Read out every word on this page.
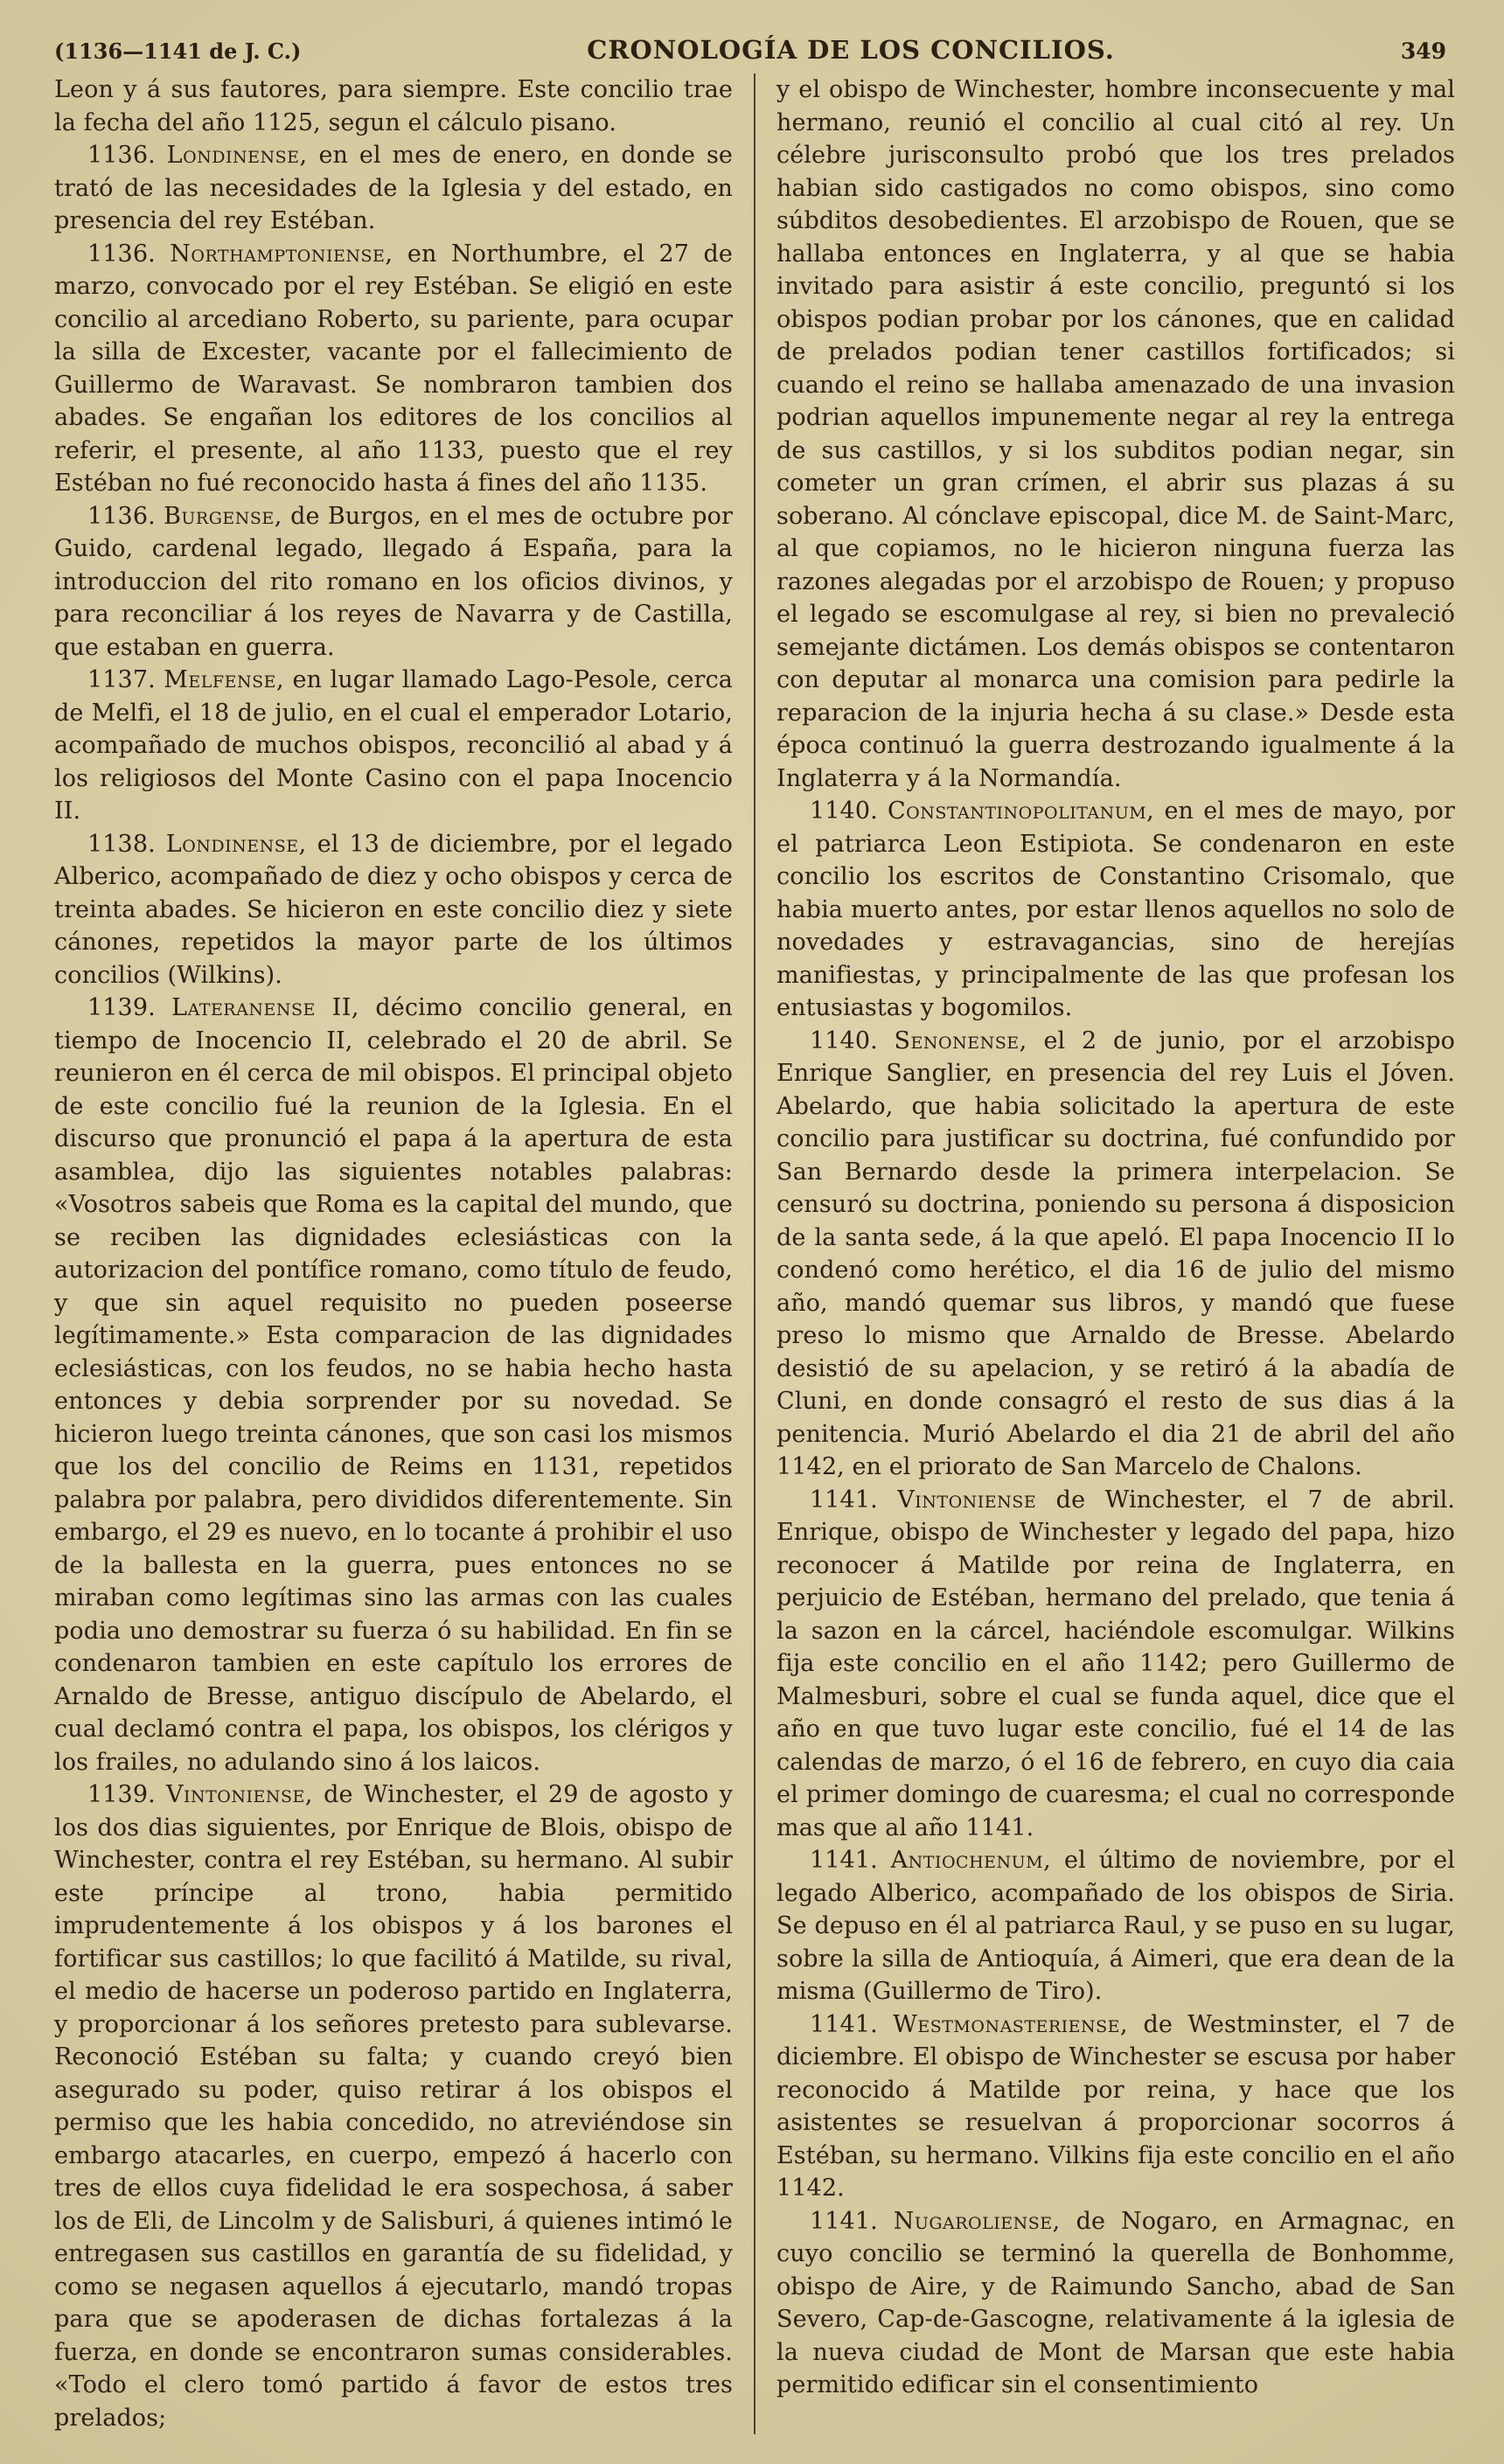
(1136—1141 de J. C.)	CRONOLOGÍA DE LOS CONCILIOS.	349

Leon y á sus fautores, para siempre. Este concilio trae la fecha del año 1125, segun el cálculo pisano.

1136. Londinense, en el mes de enero, en donde se trató de las necesidades de la Iglesia y del estado, en presencia del rey Estéban.

1136. Northamptoniense, en Northumbre, el 27 de marzo, convocado por el rey Estéban. Se eligió en este concilio al arcediano Roberto, su pariente, para ocupar la silla de Excester, vacante por el fallecimiento de Guillermo de Waravast. Se nombraron tambien dos abades. Se engañan los editores de los concilios al referir, el presente, al año 1133, puesto que el rey Estéban no fué reconocido hasta á fines del año 1135.

1136. Burgense, de Burgos, en el mes de octubre por Guido, cardenal legado, llegado á España, para la introduccion del rito romano en los oficios divinos, y para reconciliar á los reyes de Navarra y de Castilla, que estaban en guerra.

1137. Melfense, en lugar llamado Lago-Pesole, cerca de Melfi, el 18 de julio, en el cual el emperador Lotario, acompañado de muchos obispos, reconcilió al abad y á los religiosos del Monte Casino con el papa Inocencio II.

1138. Londinense, el 13 de diciembre, por el legado Alberico, acompañado de diez y ocho obispos y cerca de treinta abades. Se hicieron en este concilio diez y siete cánones, repetidos la mayor parte de los últimos concilios (Wilkins).

1139. Lateranense II, décimo concilio general, en tiempo de Inocencio II, celebrado el 20 de abril. Se reunieron en él cerca de mil obispos. El principal objeto de este concilio fué la reunion de la Iglesia. En el discurso que pronunció el papa á la apertura de esta asamblea, dijo las siguientes notables palabras: «Vosotros sabeis que Roma es la capital del mundo, que se reciben las dignidades eclesiásticas con la autorizacion del pontífice romano, como título de feudo, y que sin aquel requisito no pueden poseerse legítimamente.» Esta comparacion de las dignidades eclesiásticas, con los feudos, no se habia hecho hasta entonces y debia sorprender por su novedad. Se hicieron luego treinta cánones, que son casi los mismos que los del concilio de Reims en 1131, repetidos palabra por palabra, pero divididos diferentemente. Sin embargo, el 29 es nuevo, en lo tocante á prohibir el uso de la ballesta en la guerra, pues entonces no se miraban como legítimas sino las armas con las cuales podia uno demostrar su fuerza ó su habilidad. En fin se condenaron tambien en este capítulo los errores de Arnaldo de Bresse, antiguo discípulo de Abelardo, el cual declamó contra el papa, los obispos, los clérigos y los frailes, no adulando sino á los laicos.

1139. Vintoniense, de Winchester, el 29 de agosto y los dos dias siguientes, por Enrique de Blois, obispo de Winchester, contra el rey Estéban, su hermano. Al subir este príncipe al trono, habia permitido imprudentemente á los obispos y á los barones el fortificar sus castillos; lo que facilitó á Matilde, su rival, el medio de hacerse un poderoso partido en Inglaterra, y proporcionar á los señores pretesto para sublevarse. Reconoció Estéban su falta; y cuando creyó bien asegurado su poder, quiso retirar á los obispos el permiso que les habia concedido, no atreviéndose sin embargo atacarles, en cuerpo, empezó á hacerlo con tres de ellos cuya fidelidad le era sospechosa, á saber los de Eli, de Lincolm y de Salisburi, á quienes intimó le entregasen sus castillos en garantía de su fidelidad, y como se negasen aquellos á ejecutarlo, mandó tropas para que se apoderasen de dichas fortalezas á la fuerza, en donde se encontraron sumas considerables. «Todo el clero tomó partido á favor de estos tres prelados;

y el obispo de Winchester, hombre inconsecuente y mal hermano, reunió el concilio al cual citó al rey. Un célebre jurisconsulto probó que los tres prelados habian sido castigados no como obispos, sino como súbditos desobedientes. El arzobispo de Rouen, que se hallaba entonces en Inglaterra, y al que se habia invitado para asistir á este concilio, preguntó si los obispos podian probar por los cánones, que en calidad de prelados podian tener castillos fortificados; si cuando el reino se hallaba amenazado de una invasion podrian aquellos impunemente negar al rey la entrega de sus castillos, y si los subditos podian negar, sin cometer un gran crímen, el abrir sus plazas á su soberano. Al cónclave episcopal, dice M. de Saint-Marc, al que copiamos, no le hicieron ninguna fuerza las razones alegadas por el arzobispo de Rouen; y propuso el legado se escomulgase al rey, si bien no prevaleció semejante dictámen. Los demás obispos se contentaron con deputar al monarca una comision para pedirle la reparacion de la injuria hecha á su clase.» Desde esta época continuó la guerra destrozando igualmente á la Inglaterra y á la Normandía.

1140. Constantinopolitanum, en el mes de mayo, por el patriarca Leon Estipiota. Se condenaron en este concilio los escritos de Constantino Crisomalo, que habia muerto antes, por estar llenos aquellos no solo de novedades y estravagancias, sino de herejías manifiestas, y principalmente de las que profesan los entusiastas y bogomilos.

1140. Senonense, el 2 de junio, por el arzobispo Enrique Sanglier, en presencia del rey Luis el Jóven. Abelardo, que habia solicitado la apertura de este concilio para justificar su doctrina, fué confundido por San Bernardo desde la primera interpelacion. Se censuró su doctrina, poniendo su persona á disposicion de la santa sede, á la que apeló. El papa Inocencio II lo condenó como herético, el dia 16 de julio del mismo año, mandó quemar sus libros, y mandó que fuese preso lo mismo que Arnaldo de Bresse. Abelardo desistió de su apelacion, y se retiró á la abadía de Cluni, en donde consagró el resto de sus dias á la penitencia. Murió Abelardo el dia 21 de abril del año 1142, en el priorato de San Marcelo de Chalons.

1141. Vintoniense de Winchester, el 7 de abril. Enrique, obispo de Winchester y legado del papa, hizo reconocer á Matilde por reina de Inglaterra, en perjuicio de Estéban, hermano del prelado, que tenia á la sazon en la cárcel, haciéndole escomulgar. Wilkins fija este concilio en el año 1142; pero Guillermo de Malmesburi, sobre el cual se funda aquel, dice que el año en que tuvo lugar este concilio, fué el 14 de las calendas de marzo, ó el 16 de febrero, en cuyo dia caia el primer domingo de cuaresma; el cual no corresponde mas que al año 1141.

1141. Antiochenum, el último de noviembre, por el legado Alberico, acompañado de los obispos de Siria. Se depuso en él al patriarca Raul, y se puso en su lugar, sobre la silla de Antioquía, á Aimeri, que era dean de la misma (Guillermo de Tiro).

1141. Westmonasteriense, de Westminster, el 7 de diciembre. El obispo de Winchester se escusa por haber reconocido á Matilde por reina, y hace que los asistentes se resuelvan á proporcionar socorros á Estéban, su hermano. Vilkins fija este concilio en el año 1142.

1141. Nugaroliense, de Nogaro, en Armagnac, en cuyo concilio se terminó la querella de Bonhomme, obispo de Aire, y de Raimundo Sancho, abad de San Severo, Cap-de-Gascogne, relativamente á la iglesia de la nueva ciudad de Mont de Marsan que este habia permitido edificar sin el consentimiento
